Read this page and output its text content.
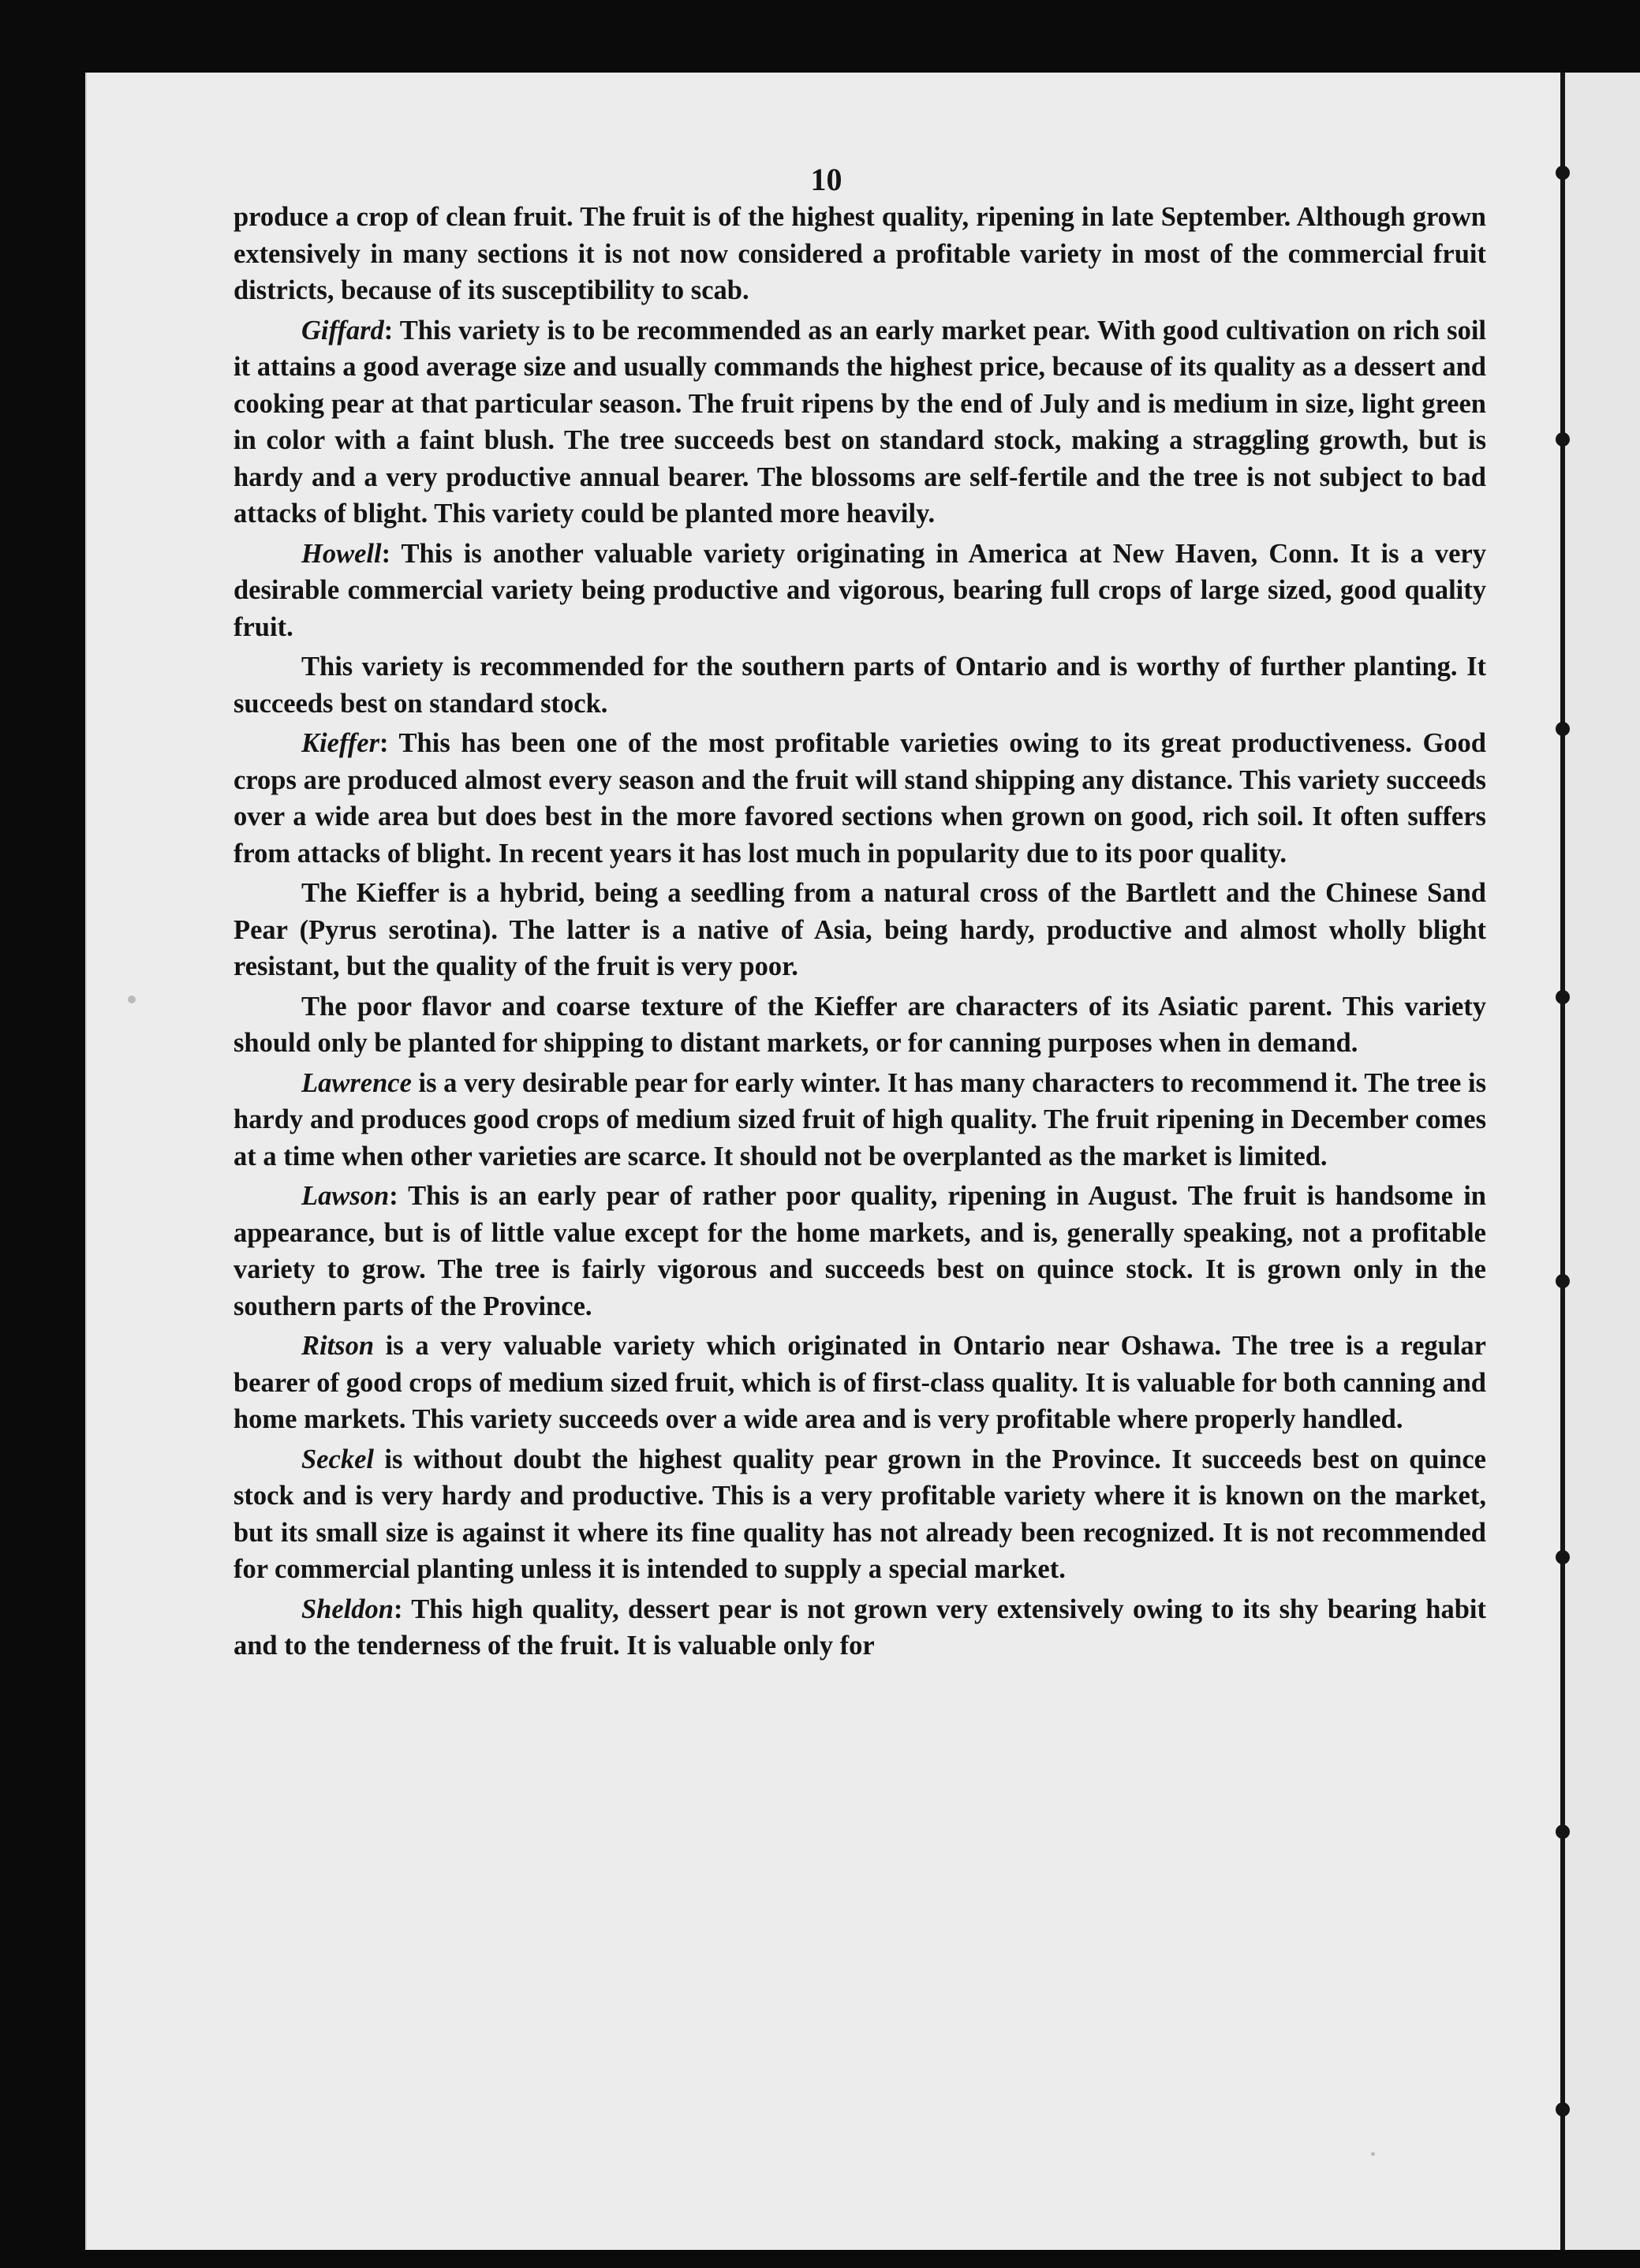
10

produce a crop of clean fruit. The fruit is of the highest quality, ripening in late September. Although grown extensively in many sections it is not now considered a profitable variety in most of the commercial fruit districts, because of its susceptibility to scab.

Giffard: This variety is to be recommended as an early market pear. With good cultivation on rich soil it attains a good average size and usually commands the highest price, because of its quality as a dessert and cooking pear at that particular season. The fruit ripens by the end of July and is medium in size, light green in color with a faint blush. The tree succeeds best on standard stock, making a straggling growth, but is hardy and a very productive annual bearer. The blossoms are self-fertile and the tree is not subject to bad attacks of blight. This variety could be planted more heavily.

Howell: This is another valuable variety originating in America at New Haven, Conn. It is a very desirable commercial variety being productive and vigorous, bearing full crops of large sized, good quality fruit.

This variety is recommended for the southern parts of Ontario and is worthy of further planting. It succeeds best on standard stock.

Kieffer: This has been one of the most profitable varieties owing to its great productiveness. Good crops are produced almost every season and the fruit will stand shipping any distance. This variety succeeds over a wide area but does best in the more favored sections when grown on good, rich soil. It often suffers from attacks of blight. In recent years it has lost much in popularity due to its poor quality.

The Kieffer is a hybrid, being a seedling from a natural cross of the Bartlett and the Chinese Sand Pear (Pyrus serotina). The latter is a native of Asia, being hardy, productive and almost wholly blight resistant, but the quality of the fruit is very poor.

The poor flavor and coarse texture of the Kieffer are characters of its Asiatic parent. This variety should only be planted for shipping to distant markets, or for canning purposes when in demand.

Lawrence is a very desirable pear for early winter. It has many characters to recommend it. The tree is hardy and produces good crops of medium sized fruit of high quality. The fruit ripening in December comes at a time when other varieties are scarce. It should not be overplanted as the market is limited.

Lawson: This is an early pear of rather poor quality, ripening in August. The fruit is handsome in appearance, but is of little value except for the home markets, and is, generally speaking, not a profitable variety to grow. The tree is fairly vigorous and succeeds best on quince stock. It is grown only in the southern parts of the Province.

Ritson is a very valuable variety which originated in Ontario near Oshawa. The tree is a regular bearer of good crops of medium sized fruit, which is of first-class quality. It is valuable for both canning and home markets. This variety succeeds over a wide area and is very profitable where properly handled.

Seckel is without doubt the highest quality pear grown in the Province. It succeeds best on quince stock and is very hardy and productive. This is a very profitable variety where it is known on the market, but its small size is against it where its fine quality has not already been recognized. It is not recommended for commercial planting unless it is intended to supply a special market.

Sheldon: This high quality, dessert pear is not grown very extensively owing to its shy bearing habit and to the tenderness of the fruit. It is valuable only for
